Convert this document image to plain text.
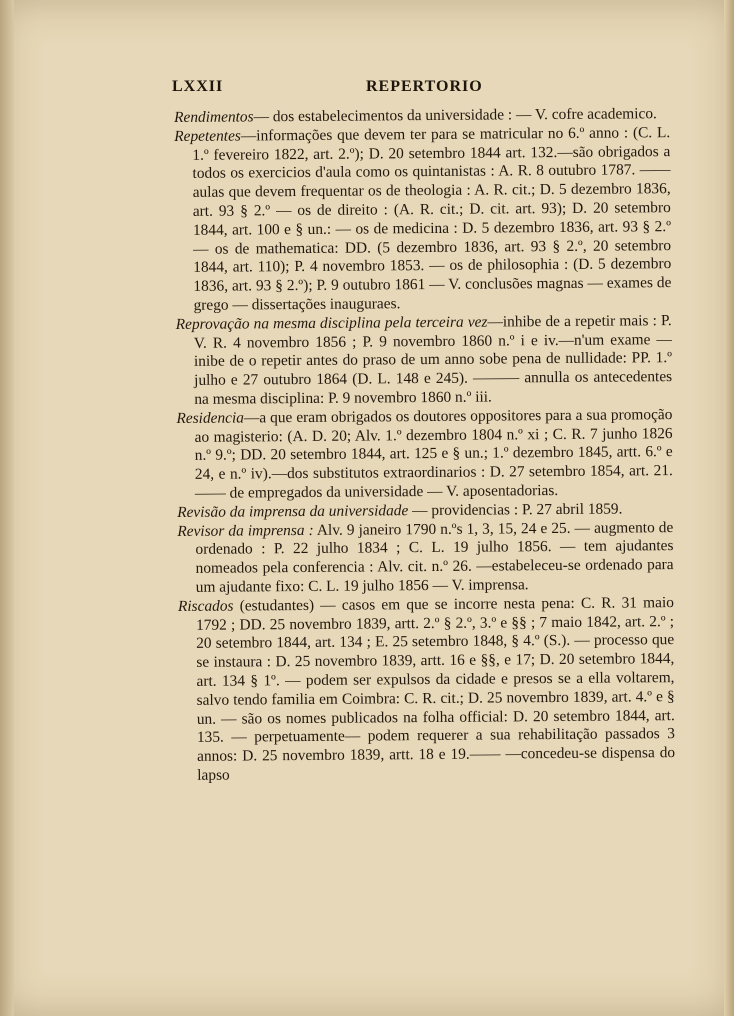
LXXII	REPERTORIO

Rendimentos— dos estabelecimentos da universidade : — V. cofre academico.

Repetentes—informações que devem ter para se matricular no 6.º anno : (C. L. 1.º fevereiro 1822, art. 2.º); D. 20 setembro 1844 art. 132.—são obrigados a todos os exercicios d'aula como os quintanistas : A. R. 8 outubro 1787. —— aulas que devem frequentar os de theologia : A. R. cit.; D. 5 dezembro 1836, art. 93 § 2.º — os de direito : (A. R. cit.; D. cit. art. 93); D. 20 setembro 1844, art. 100 e § un.: — os de medicina : D. 5 dezembro 1836, art. 93 § 2.º — os de mathematica: DD. (5 dezembro 1836, art. 93 § 2.º, 20 setembro 1844, art. 110); P. 4 novembro 1853. — os de philosophia : (D. 5 dezembro 1836, art. 93 § 2.º); P. 9 outubro 1861 — V. conclusões magnas — exames de grego — dissertações inauguraes.

Reprovação na mesma disciplina pela terceira vez—inhibe de a repetir mais : P. V. R. 4 novembro 1856 ; P. 9 novembro 1860 n.º i e iv.—n'um exame — inibe de o repetir antes do praso de um anno sobe pena de nullidade: PP. 1.º julho e 27 outubro 1864 (D. L. 148 e 245). ——— annulla os antecedentes na mesma disciplina: P. 9 novembro 1860 n.º iii.

Residencia—a que eram obrigados os doutores oppositores para a sua promoção ao magisterio: (A. D. 20; Alv. 1.º dezembro 1804 n.º xi ; C. R. 7 junho 1826 n.º 9.º; DD. 20 setembro 1844, art. 125 e § un.; 1.º dezembro 1845, artt. 6.º e 24, e n.º iv).—dos substitutos extraordinarios : D. 27 setembro 1854, art. 21. —— de empregados da universidade — V. aposentadorias.

Revisão da imprensa da universidade — providencias : P. 27 abril 1859.

Revisor da imprensa : Alv. 9 janeiro 1790 n.ºs 1, 3, 15, 24 e 25. — augmento de ordenado : P. 22 julho 1834 ; C. L. 19 julho 1856. — tem ajudantes nomeados pela conferencia : Alv. cit. n.º 26. —estabeleceu-se ordenado para um ajudante fixo: C. L. 19 julho 1856 — V. imprensa.

Riscados (estudantes) — casos em que se incorre nesta pena: C. R. 31 maio 1792 ; DD. 25 novembro 1839, artt. 2.º § 2.º, 3.º e §§ ; 7 maio 1842, art. 2.º ; 20 setembro 1844, art. 134 ; E. 25 setembro 1848, § 4.º (S.). — processo que se instaura : D. 25 novembro 1839, artt. 16 e §§, e 17; D. 20 setembro 1844, art. 134 § 1º. — podem ser expulsos da cidade e presos se a ella voltarem, salvo tendo familia em Coimbra: C. R. cit.; D. 25 novembro 1839, art. 4.º e § un. — são os nomes publicados na folha official: D. 20 setembro 1844, art. 135. — perpetuamente— podem requerer a sua rehabilitação passados 3 annos: D. 25 novembro 1839, artt. 18 e 19.—— —concedeu-se dispensa do lapso
